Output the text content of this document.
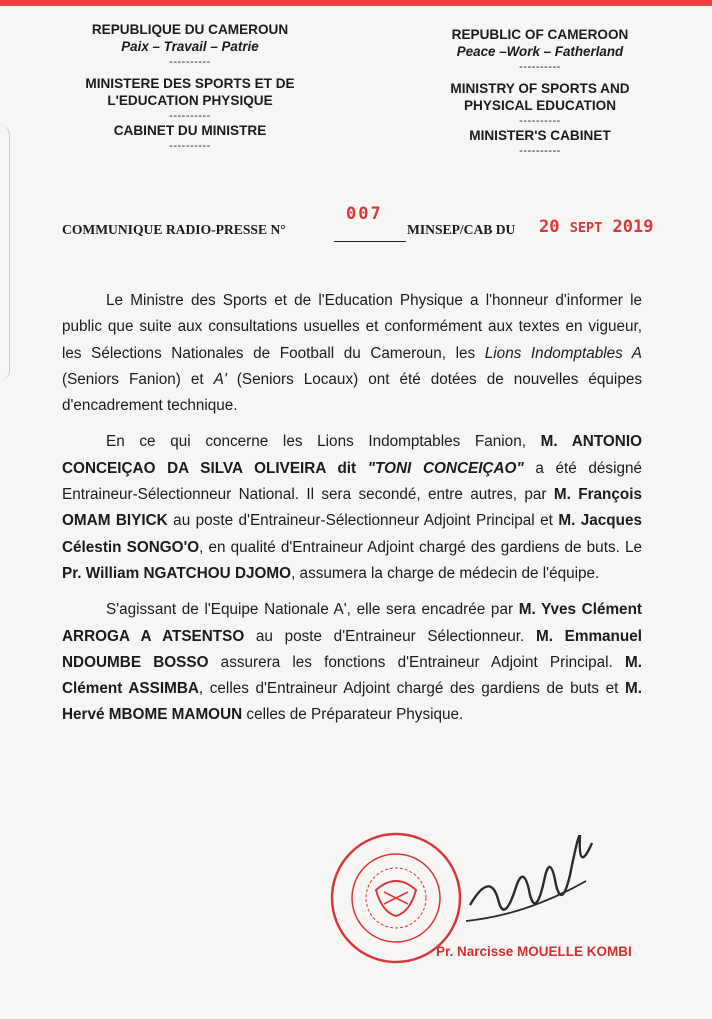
REPUBLIQUE DU CAMEROUN
Paix – Travail – Patrie
----------
MINISTERE DES SPORTS ET DE
L'EDUCATION PHYSIQUE
----------
CABINET DU MINISTRE
----------
REPUBLIC OF CAMEROON
Peace –Work – Fatherland
----------
MINISTRY OF SPORTS AND
PHYSICAL EDUCATION
----------
MINISTER'S CABINET
----------
COMMUNIQUE RADIO-PRESSE N°
007
MINSEP/CAB DU 20 SEPT 2019

Le Ministre des Sports et de l'Education Physique a l'honneur d'informer le public que suite aux consultations usuelles et conformément aux textes en vigueur, les Sélections Nationales de Football du Cameroun, les Lions Indomptables A (Seniors Fanion) et A' (Seniors Locaux) ont été dotées de nouvelles équipes d'encadrement technique.

En ce qui concerne les Lions Indomptables Fanion, M. ANTONIO CONCEIÇAO DA SILVA OLIVEIRA dit "TONI CONCEIÇAO" a été désigné Entraineur-Sélectionneur National. Il sera secondé, entre autres, par M. François OMAM BIYICK au poste d'Entraineur-Sélectionneur Adjoint Principal et M. Jacques Célestin SONGO'O, en qualité d'Entraineur Adjoint chargé des gardiens de buts. Le Pr. William NGATCHOU DJOMO, assumera la charge de médecin de l'équipe.

S'agissant de l'Equipe Nationale A', elle sera encadrée par M. Yves Clément ARROGA A ATSENTSO au poste d'Entraineur Sélectionneur. M. Emmanuel NDOUMBE BOSSO assurera les fonctions d'Entraineur Adjoint Principal. M. Clément ASSIMBA, celles d'Entraineur Adjoint chargé des gardiens de buts et M. Hervé MBOME MAMOUN celles de Préparateur Physique.

Pr. Narcisse MOUELLE KOMBI
